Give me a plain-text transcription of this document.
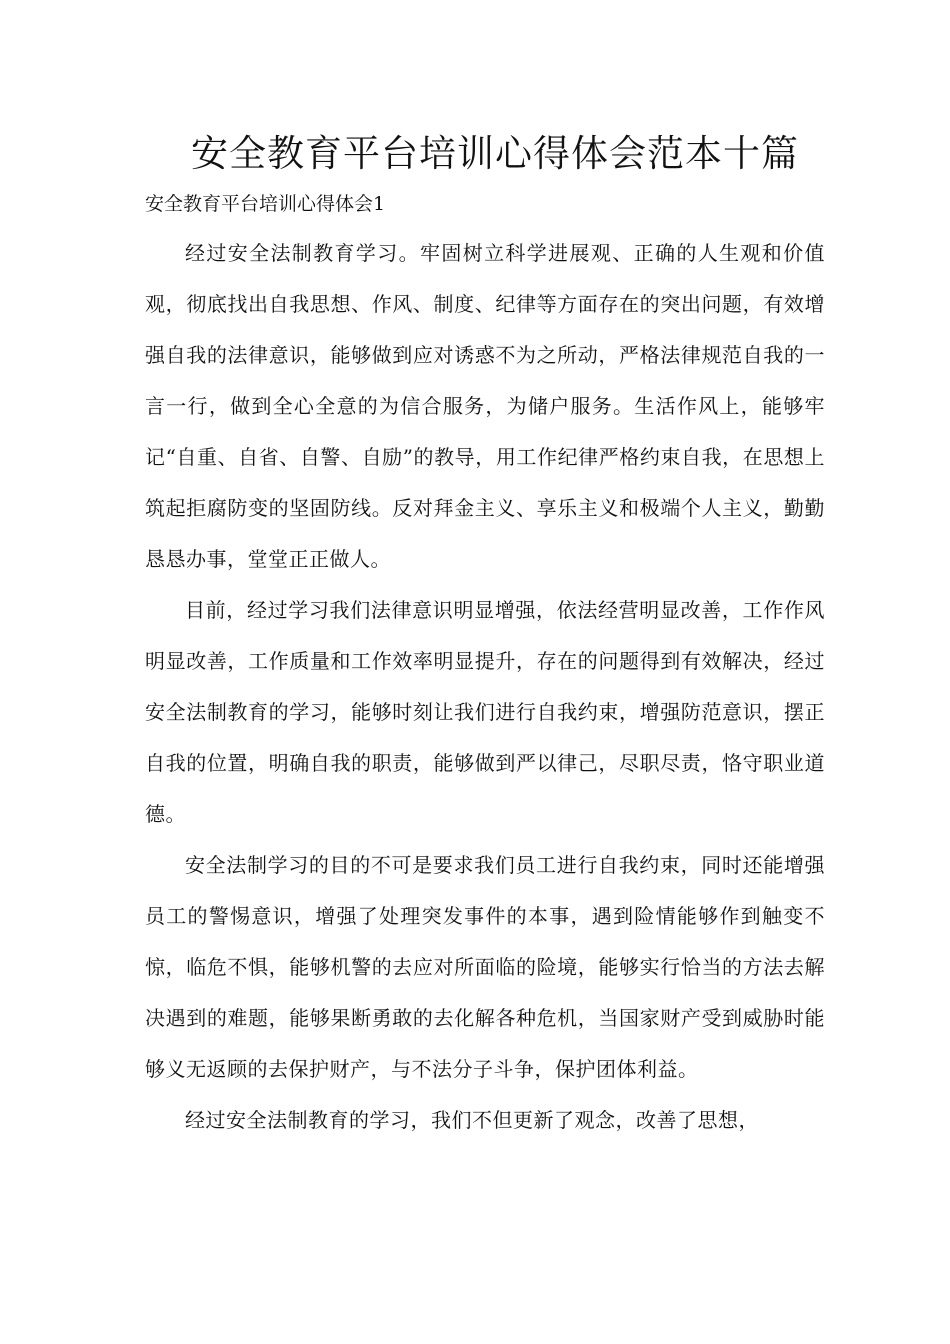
安全教育平台培训心得体会范本十篇
安全教育平台培训心得体会1

经过安全法制教育学习。牢固树立科学进展观、正确的人生观和价值观，彻底找出自我思想、作风、制度、纪律等方面存在的突出问题，有效增强自我的法律意识，能够做到应对诱惑不为之所动，严格法律规范自我的一言一行，做到全心全意的为信合服务，为储户服务。生活作风上，能够牢记“自重、自省、自警、自励”的教导，用工作纪律严格约束自我，在思想上筑起拒腐防变的坚固防线。反对拜金主义、享乐主义和极端个人主义，勤勤恳恳办事，堂堂正正做人。

目前，经过学习我们法律意识明显增强，依法经营明显改善，工作作风明显改善，工作质量和工作效率明显提升，存在的问题得到有效解决，经过安全法制教育的学习，能够时刻让我们进行自我约束，增强防范意识，摆正自我的位置，明确自我的职责，能够做到严以律己，尽职尽责，恪守职业道德。

安全法制学习的目的不可是要求我们员工进行自我约束，同时还能增强员工的警惕意识，增强了处理突发事件的本事，遇到险情能够作到触变不惊，临危不惧，能够机警的去应对所面临的险境，能够实行恰当的方法去解决遇到的难题，能够果断勇敢的去化解各种危机，当国家财产受到威胁时能够义无返顾的去保护财产，与不法分子斗争，保护团体利益。

经过安全法制教育的学习，我们不但更新了观念，改善了思想，
